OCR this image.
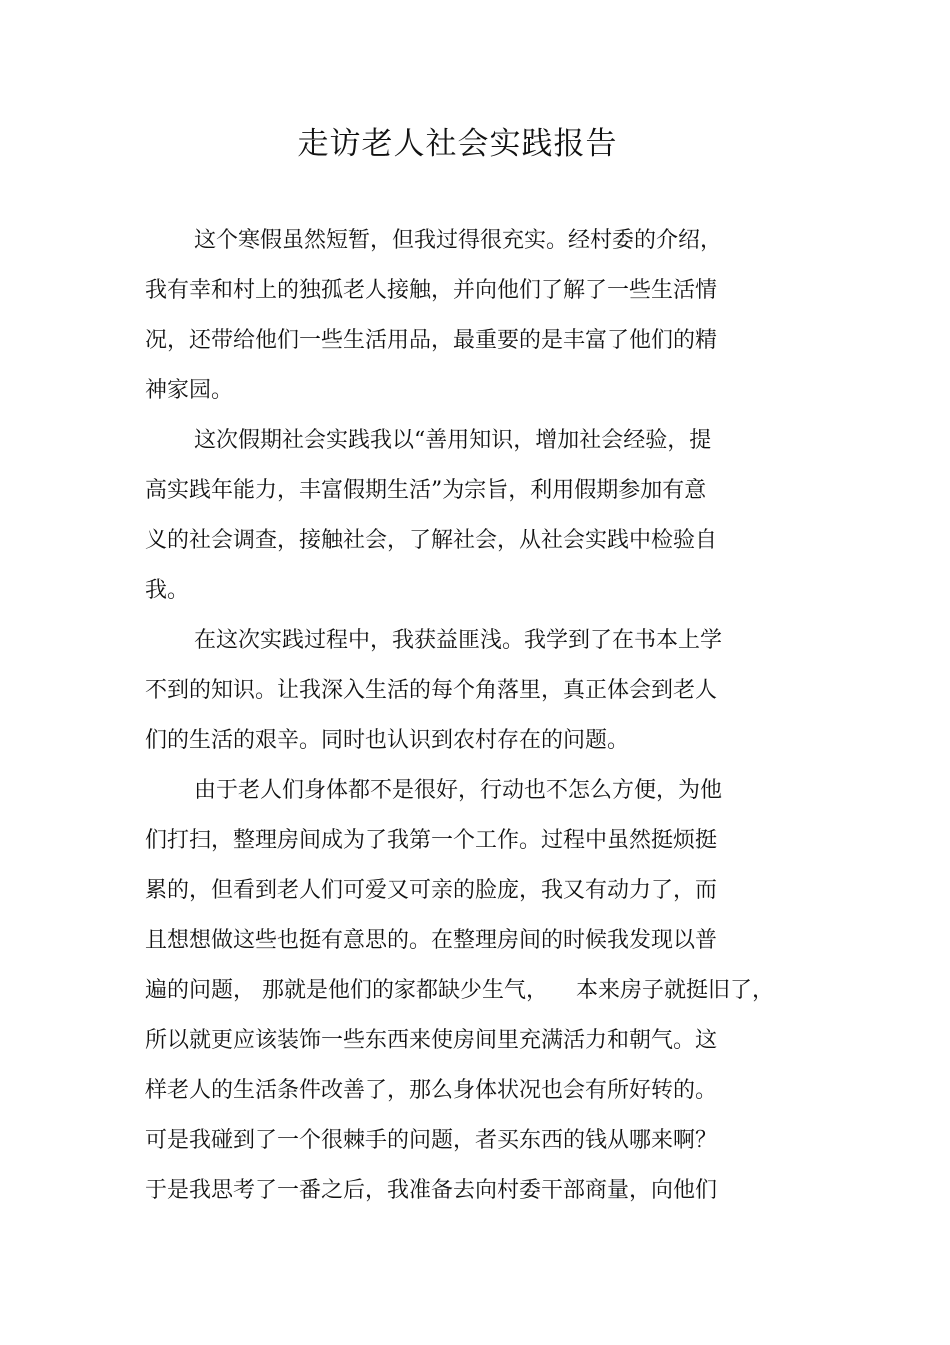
走访老人社会实践报告

这个寒假虽然短暂，但我过得很充实。经村委的介绍，

我有幸和村上的独孤老人接触，并向他们了解了一些生活情

况，还带给他们一些生活用品，最重要的是丰富了他们的精

神家园。

这次假期社会实践我以“善用知识，增加社会经验，提

高实践年能力，丰富假期生活”为宗旨，利用假期参加有意

义的社会调查，接触社会，了解社会，从社会实践中检验自

我。

在这次实践过程中，我获益匪浅。我学到了在书本上学

不到的知识。让我深入生活的每个角落里，真正体会到老人

们的生活的艰辛。同时也认识到农村存在的问题。

由于老人们身体都不是很好，行动也不怎么方便，为他

们打扫，整理房间成为了我第一个工作。过程中虽然挺烦挺

累的，但看到老人们可爱又可亲的脸庞，我又有动力了，而

且想想做这些也挺有意思的。在整理房间的时候我发现以普

遍的问题， 那就是他们的家都缺少生气，    本来房子就挺旧了，

所以就更应该装饰一些东西来使房间里充满活力和朝气。这

样老人的生活条件改善了，那么身体状况也会有所好转的。

可是我碰到了一个很棘手的问题，者买东西的钱从哪来啊？

于是我思考了一番之后，我准备去向村委干部商量，向他们
